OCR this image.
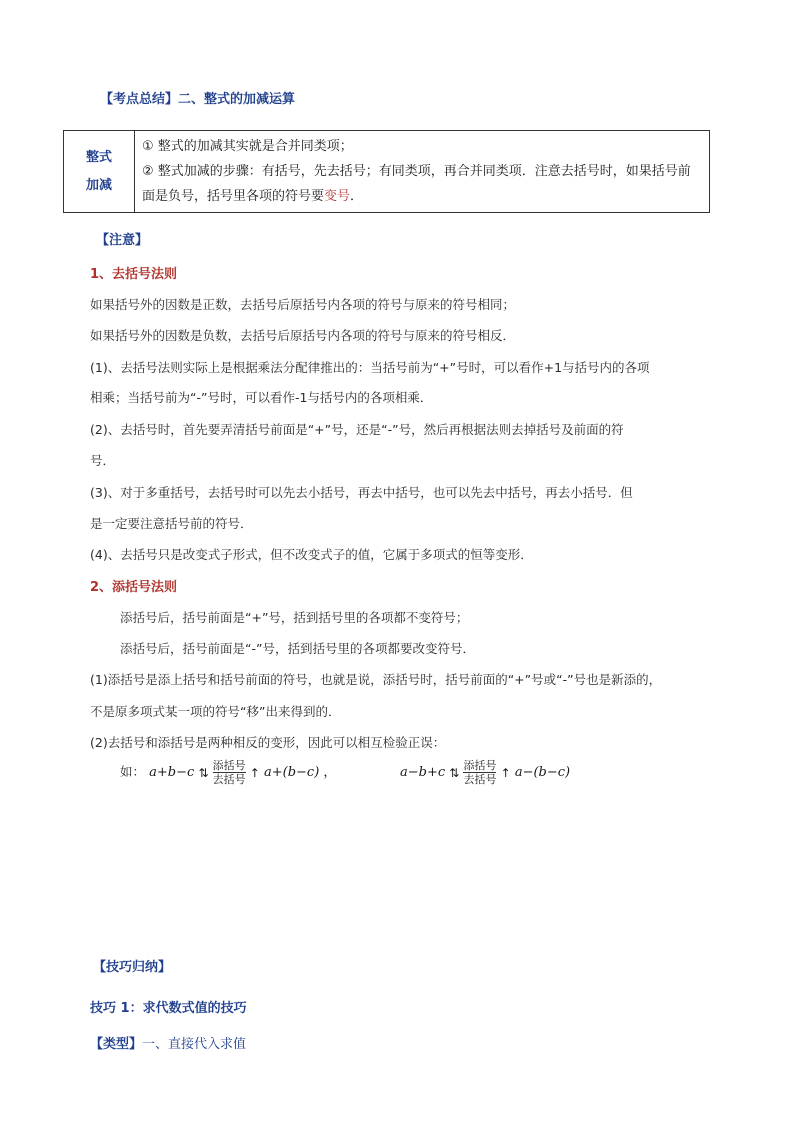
【考点总结】二、整式的加减运算
整式
加减

① 整式的加减其实就是合并同类项；
② 整式加减的步骤：有括号，先去括号；有同类项，再合并同类项．注意去括号时，如果括号前面是负号，括号里各项的符号要变号．
【注意】
1、去括号法则
如果括号外的因数是正数，去括号后原括号内各项的符号与原来的符号相同；
如果括号外的因数是负数，去括号后原括号内各项的符号与原来的符号相反．
(1)、去括号法则实际上是根据乘法分配律推出的：当括号前为“+”号时，可以看作+1与括号内的各项
相乘；当括号前为“-”号时，可以看作-1与括号内的各项相乘．
(2)、去括号时，首先要弄清括号前面是“+”号，还是“-”号，然后再根据法则去掉括号及前面的符
号．
(3)、对于多重括号，去括号时可以先去小括号，再去中括号，也可以先去中括号，再去小括号．但
是一定要注意括号前的符号．
(4)、去括号只是改变式子形式，但不改变式子的值，它属于多项式的恒等变形．
2、添括号法则
添括号后，括号前面是“+”号，括到括号里的各项都不变符号；
添括号后，括号前面是“-”号，括到括号里的各项都要改变符号．
(1)添括号是添上括号和括号前面的符号，也就是说，添括号时，括号前面的“+”号或“-”号也是新添的，
不是原多项式某一项的符号“移”出来得到的．
(2)去括号和添括号是两种相反的变形，因此可以相互检验正误：
如： a+b−c ⇅ 添括号
去括号 ↑ a+(b−c) ，	a−b+c ⇅ 添括号
去括号 ↑ a−(b−c)
【技巧归纳】
技巧 1：求代数式值的技巧
【类型】一、直接代入求值
